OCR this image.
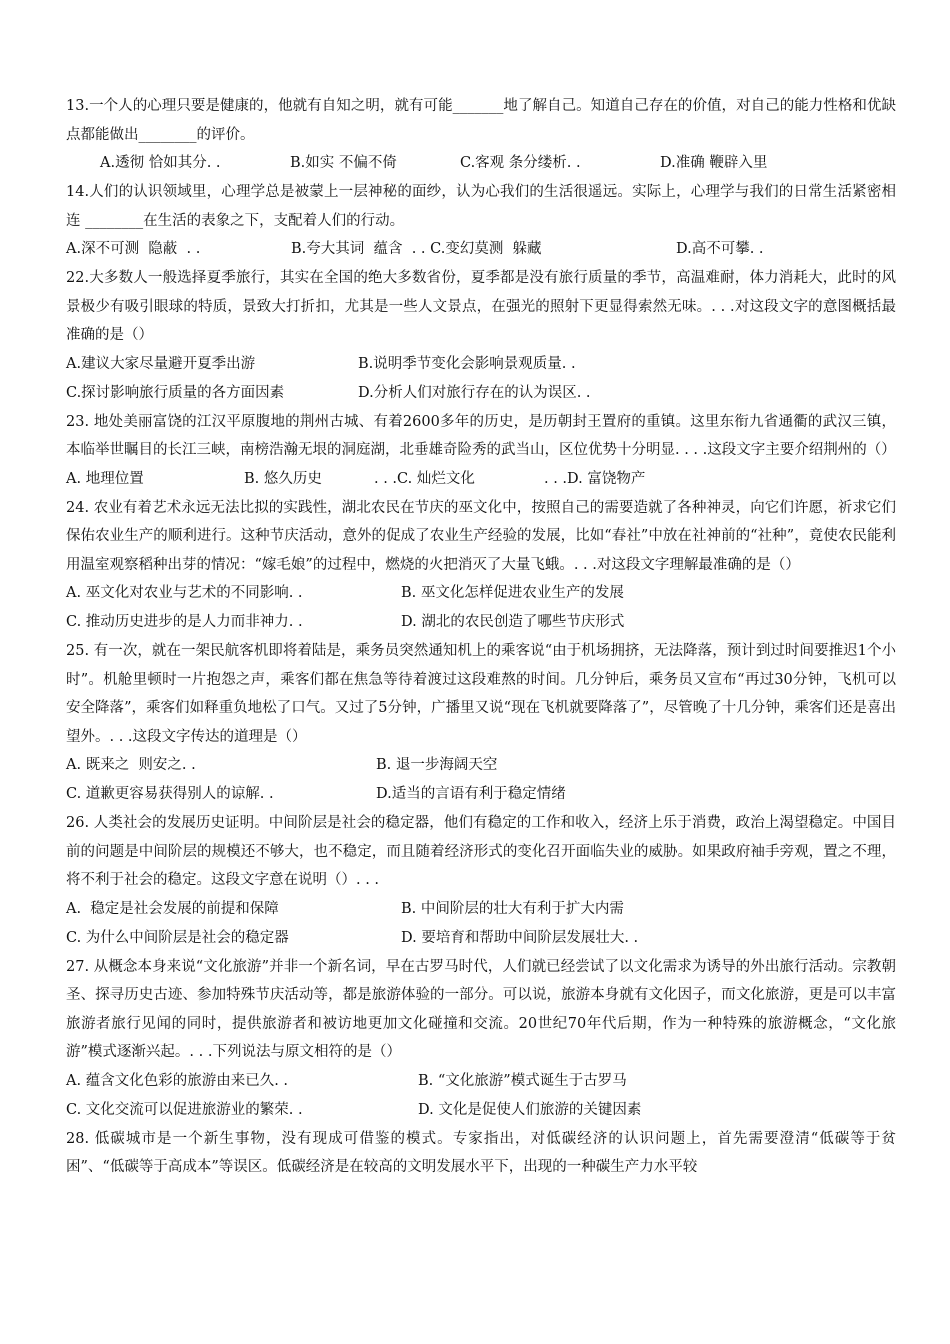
13.一个人的心理只要是健康的，他就有自知之明，就有可能_______地了解自己。知道自己存在的价值，对自己的能力性格和优缺点都能做出________的评价。

A.透彻 恰如其分. .	B.如实 不偏不倚	C.客观 条分缕析. .	D.准确 鞭辟入里

14.人们的认识领域里，心理学总是被蒙上一层神秘的面纱，认为心我们的生活很遥远。实际上，心理学与我们的日常生活紧密相连 ________在生活的表象之下，支配着人们的行动。

A.深不可测  隐蔽  . .	B.夸大其词  蕴含  . . C.变幻莫测  躲藏	D.高不可攀. .

22.大多数人一般选择夏季旅行，其实在全国的绝大多数省份，夏季都是没有旅行质量的季节，高温难耐，体力消耗大，此时的风景极少有吸引眼球的特质，景致大打折扣，尤其是一些人文景点，在强光的照射下更显得索然无味。. . .对这段文字的意图概括最准确的是（）

A.建议大家尽量避开夏季出游	B.说明季节变化会影响景观质量. .
C.探讨影响旅行质量的各方面因素	D.分析人们对旅行存在的认为误区. .

23. 地处美丽富饶的江汉平原腹地的荆州古城、有着2600多年的历史，是历朝封王置府的重镇。这里东衔九省通衢的武汉三镇，本临举世瞩目的长江三峡，南榜浩瀚无垠的洞庭湖，北垂雄奇险秀的武当山，区位优势十分明显. . . .这段文字主要介绍荆州的（）

A. 地理位置	B. 悠久历史	. . .C. 灿烂文化	. . .D. 富饶物产

24. 农业有着艺术永远无法比拟的实践性，湖北农民在节庆的巫文化中，按照自己的需要造就了各种神灵，向它们许愿，祈求它们保佑农业生产的顺利进行。这种节庆活动，意外的促成了农业生产经验的发展，比如“春社”中放在社神前的“社种”，竟使农民能利用温室观察稻种出芽的情况：“嫁毛娘”的过程中，燃烧的火把消灭了大量飞蛾。. . .对这段文字理解最准确的是（）

A. 巫文化对农业与艺术的不同影响. .	B. 巫文化怎样促进农业生产的发展
C. 推动历史进步的是人力而非神力. .	D. 湖北的农民创造了哪些节庆形式

25. 有一次，就在一架民航客机即将着陆是，乘务员突然通知机上的乘客说“由于机场拥挤，无法降落，预计到过时间要推迟1个小时”。机舱里顿时一片抱怨之声，乘客们都在焦急等待着渡过这段难熬的时间。几分钟后，乘务员又宣布“再过30分钟，飞机可以安全降落”，乘客们如释重负地松了口气。又过了5分钟，广播里又说“现在飞机就要降落了”，尽管晚了十几分钟，乘客们还是喜出望外。. . .这段文字传达的道理是（）

A. 既来之  则安之. .	B. 退一步海阔天空
C. 道歉更容易获得别人的谅解. .	D.适当的言语有利于稳定情绪

26. 人类社会的发展历史证明。中间阶层是社会的稳定器，他们有稳定的工作和收入，经济上乐于消费，政治上渴望稳定。中国目前的问题是中间阶层的规模还不够大，也不稳定，而且随着经济形式的变化召开面临失业的威胁。如果政府袖手旁观，置之不理，将不利于社会的稳定。这段文字意在说明（）. . .

A.  稳定是社会发展的前提和保障	B. 中间阶层的壮大有利于扩大内需
C. 为什么中间阶层是社会的稳定器	D. 要培育和帮助中间阶层发展壮大. .

27. 从概念本身来说“文化旅游”并非一个新名词，早在古罗马时代，人们就已经尝试了以文化需求为诱导的外出旅行活动。宗教朝圣、探寻历史古迹、参加特殊节庆活动等，都是旅游体验的一部分。可以说，旅游本身就有文化因子，而文化旅游，更是可以丰富旅游者旅行见闻的同时，提供旅游者和被访地更加文化碰撞和交流。20世纪70年代后期，作为一种特殊的旅游概念，“文化旅游”模式逐渐兴起。. . .下列说法与原文相符的是（）

A. 蕴含文化色彩的旅游由来已久. .	B. “文化旅游”模式诞生于古罗马
C. 文化交流可以促进旅游业的繁荣. .	D. 文化是促使人们旅游的关键因素

28. 低碳城市是一个新生事物，没有现成可借鉴的模式。专家指出，对低碳经济的认识问题上，首先需要澄清“低碳等于贫困”、“低碳等于高成本”等误区。低碳经济是在较高的文明发展水平下，出现的一种碳生产力水平较
